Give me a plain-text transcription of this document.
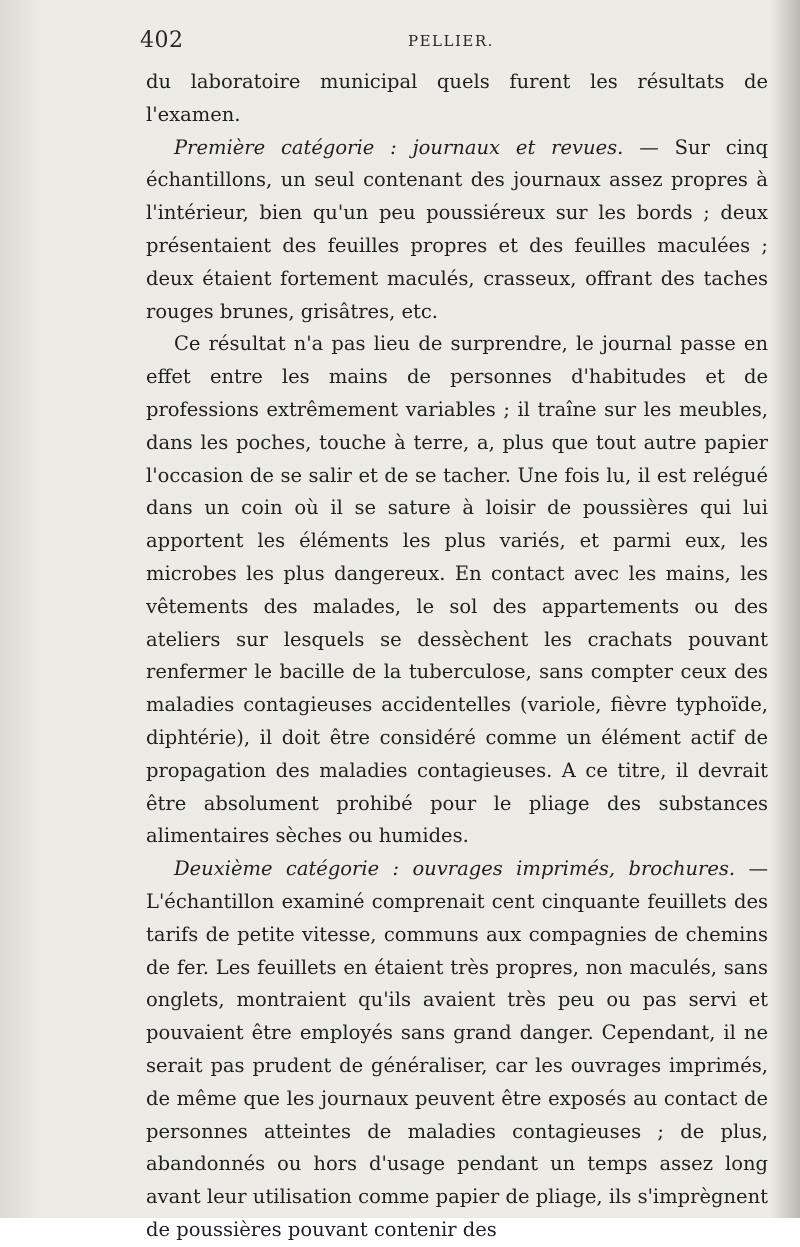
402	PELLIER.

du laboratoire municipal quels furent les résultats de l'examen.

Première catégorie : journaux et revues. — Sur cinq échantillons, un seul contenant des journaux assez propres à l'intérieur, bien qu'un peu poussiéreux sur les bords ; deux présentaient des feuilles propres et des feuilles maculées ; deux étaient fortement maculés, crasseux, offrant des taches rouges brunes, grisâtres, etc.

Ce résultat n'a pas lieu de surprendre, le journal passe en effet entre les mains de personnes d'habitudes et de professions extrêmement variables ; il traîne sur les meubles, dans les poches, touche à terre, a, plus que tout autre papier l'occasion de se salir et de se tacher. Une fois lu, il est relégué dans un coin où il se sature à loisir de poussières qui lui apportent les éléments les plus variés, et parmi eux, les microbes les plus dangereux. En contact avec les mains, les vêtements des malades, le sol des appartements ou des ateliers sur lesquels se dessèchent les crachats pouvant renfermer le bacille de la tuberculose, sans compter ceux des maladies contagieuses accidentelles (variole, fièvre typhoïde, diphtérie), il doit être considéré comme un élément actif de propagation des maladies contagieuses. A ce titre, il devrait être absolument prohibé pour le pliage des substances alimentaires sèches ou humides.

Deuxième catégorie : ouvrages imprimés, brochures. — L'échantillon examiné comprenait cent cinquante feuillets des tarifs de petite vitesse, communs aux compagnies de chemins de fer. Les feuillets en étaient très propres, non maculés, sans onglets, montraient qu'ils avaient très peu ou pas servi et pouvaient être employés sans grand danger. Cependant, il ne serait pas prudent de généraliser, car les ouvrages imprimés, de même que les journaux peuvent être exposés au contact de personnes atteintes de maladies contagieuses ; de plus, abandonnés ou hors d'usage pendant un temps assez long avant leur utilisation comme papier de pliage, ils s'imprègnent de poussières pouvant contenir des
